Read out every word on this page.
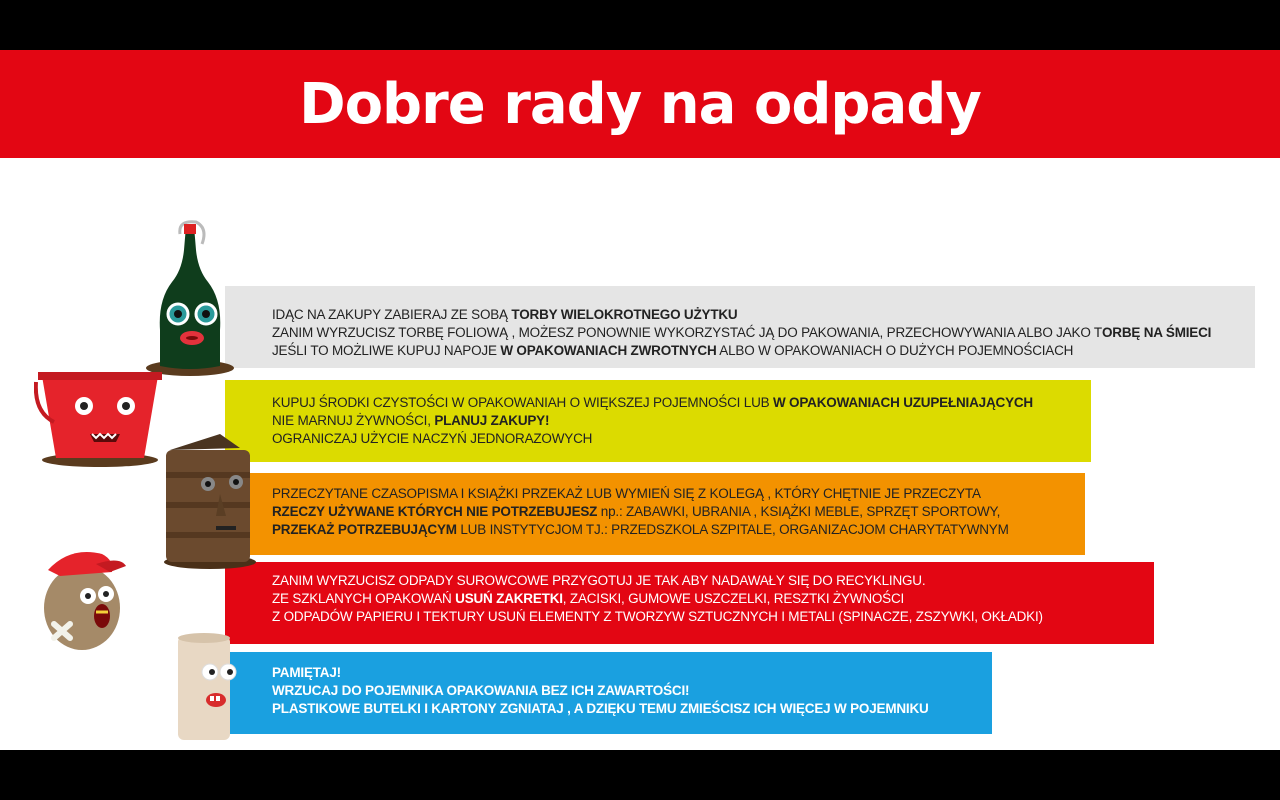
Dobre rady na odpady
IDĄC NA ZAKUPY ZABIERAJ ZE SOBĄ TORBY WIELOKROTNEGO UŻYTKU
ZANIM WYRZUCISZ TORBĘ FOLIOWĄ , MOŻESZ PONOWNIE WYKORZYSTAĆ JĄ DO PAKOWANIA, PRZECHOWYWANIA ALBO JAKO TORBĘ NA ŚMIECI
JEŚLI TO MOŻLIWE KUPUJ NAPOJE W OPAKOWANIACH ZWROTNYCH ALBO W OPAKOWANIACH O DUŻYCH POJEMNOŚCIACH
KUPUJ ŚRODKI CZYSTOŚCI W OPAKOWANIAH O WIĘKSZEJ POJEMNOŚCI LUB W OPAKOWANIACH UZUPEŁNIAJĄCYCH
NIE MARNUJ ŻYWNOŚCI, PLANUJ ZAKUPY!
OGRANICZAJ UŻYCIE NACZYŃ JEDNORAZOWYCH
PRZECZYTANE CZASOPISMA I KSIĄŻKI PRZEKAŻ LUB WYMIEŃ SIĘ Z KOLEGĄ , KTÓRY CHĘTNIE JE PRZECZYTA
RZECZY UŻYWANE KTÓRYCH NIE POTRZEBUJESZ np.: ZABAWKI, UBRANIA , KSIĄŻKI MEBLE, SPRZĘT SPORTOWY,
PRZEKAŻ POTRZEBUJĄCYM LUB INSTYTYCJOM TJ.: PRZEDSZKOLA SZPITALE, ORGANIZACJOM CHARYTATYWNYM
ZANIM WYRZUCISZ ODPADY SUROWCOWE PRZYGOTUJ JE TAK ABY NADAWAŁY SIĘ DO RECYKLINGU.
ZE SZKLANYCH OPAKOWAŃ USUŃ ZAKRETKI, ZACISKI, GUMOWE USZCZELKI, RESZTKI ŻYWNOŚCI
Z ODPADÓW PAPIERU I TEKTURY USUŃ ELEMENTY Z TWORZYW SZTUCZNYCH I METALI (SPINACZE, ZSZYWKI, OKŁADKI)
PAMIĘTAJ!
WRZUCAJ DO POJEMNIKA OPAKOWANIA BEZ ICH ZAWARTOŚCI!
PLASTIKOWE BUTELKI I KARTONY ZGNIATAJ , A DZIĘKU TEMU ZMIEŚCISZ ICH WIĘCEJ W POJEMNIKU
